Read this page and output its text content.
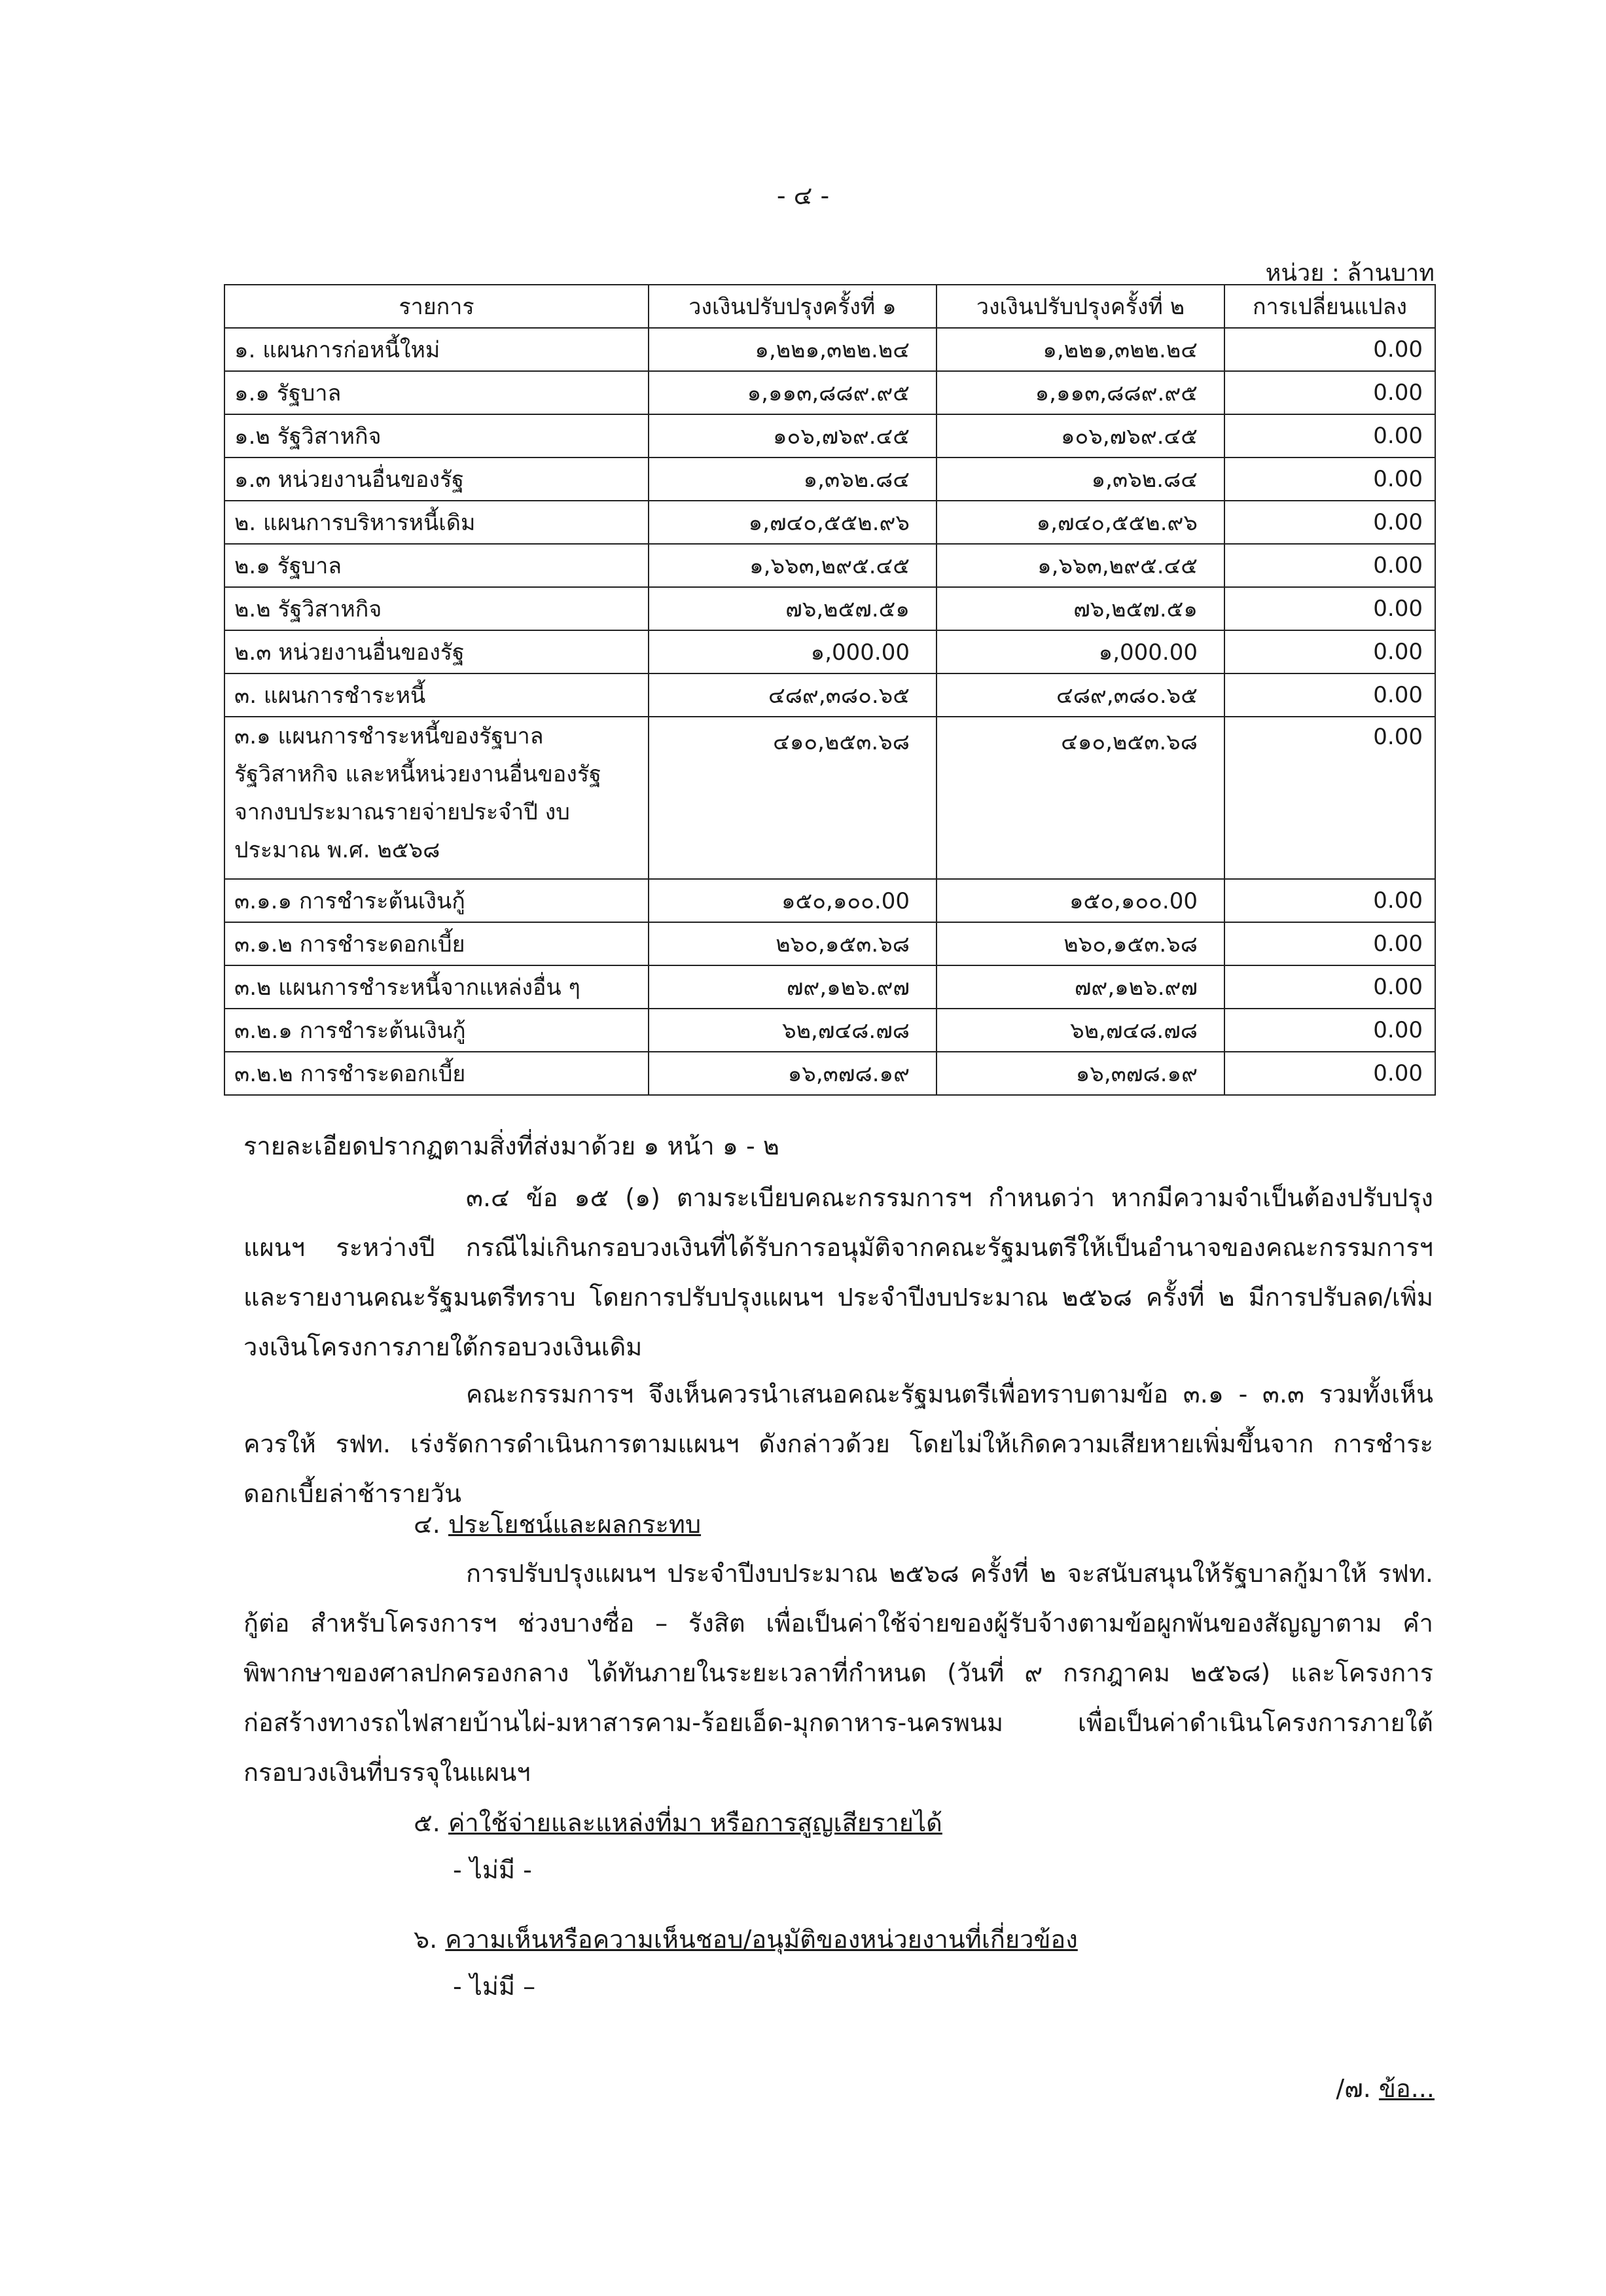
- ๔ -
หน่วย : ล้านบาท
รายการ	วงเงินปรับปรุงครั้งที่ ๑	วงเงินปรับปรุงครั้งที่ ๒	การเปลี่ยนแปลง
๑. แผนการก่อหนี้ใหม่	๑,๒๒๑,๓๒๒.๒๔	๑,๒๒๑,๓๒๒.๒๔	0.00
๑.๑ รัฐบาล	๑,๑๑๓,๘๘๙.๙๕	๑,๑๑๓,๘๘๙.๙๕	0.00
๑.๒ รัฐวิสาหกิจ	๑๐๖,๗๖๙.๔๕	๑๐๖,๗๖๙.๔๕	0.00
๑.๓ หน่วยงานอื่นของรัฐ	๑,๓๖๒.๘๔	๑,๓๖๒.๘๔	0.00
๒. แผนการบริหารหนี้เดิม	๑,๗๔๐,๕๕๒.๙๖	๑,๗๔๐,๕๕๒.๙๖	0.00
๒.๑ รัฐบาล	๑,๖๖๓,๒๙๕.๔๕	๑,๖๖๓,๒๙๕.๔๕	0.00
๒.๒ รัฐวิสาหกิจ	๗๖,๒๕๗.๕๑	๗๖,๒๕๗.๕๑	0.00
๒.๓ หน่วยงานอื่นของรัฐ	๑,000.00	๑,000.00	0.00
๓. แผนการชำระหนี้	๔๘๙,๓๘๐.๖๕	๔๘๙,๓๘๐.๖๕	0.00
๓.๑ แผนการชำระหนี้ของรัฐบาล รัฐวิสาหกิจ และหนี้หน่วยงานอื่นของรัฐ จากงบประมาณรายจ่ายประจำปี งบประมาณ พ.ศ. ๒๕๖๘	๔๑๐,๒๕๓.๖๘	๔๑๐,๒๕๓.๖๘	0.00
๓.๑.๑ การชำระต้นเงินกู้	๑๕๐,๑๐๐.00	๑๕๐,๑๐๐.00	0.00
๓.๑.๒ การชำระดอกเบี้ย	๒๖๐,๑๕๓.๖๘	๒๖๐,๑๕๓.๖๘	0.00
๓.๒ แผนการชำระหนี้จากแหล่งอื่น ๆ	๗๙,๑๒๖.๙๗	๗๙,๑๒๖.๙๗	0.00
๓.๒.๑ การชำระต้นเงินกู้	๖๒,๗๔๘.๗๘	๖๒,๗๔๘.๗๘	0.00
๓.๒.๒ การชำระดอกเบี้ย	๑๖,๓๗๘.๑๙	๑๖,๓๗๘.๑๙	0.00
รายละเอียดปรากฏตามสิ่งที่ส่งมาด้วย ๑ หน้า ๑ - ๒
๓.๔ ข้อ ๑๕ (๑) ตามระเบียบคณะกรรมการฯ กำหนดว่า หากมีความจำเป็นต้องปรับปรุงแผนฯ ระหว่างปี กรณีไม่เกินกรอบวงเงินที่ได้รับการอนุมัติจากคณะรัฐมนตรีให้เป็นอำนาจของคณะกรรมการฯ และรายงานคณะรัฐมนตรีทราบ โดยการปรับปรุงแผนฯ ประจำปีงบประมาณ ๒๕๖๘ ครั้งที่ ๒ มีการปรับลด/เพิ่ม วงเงินโครงการภายใต้กรอบวงเงินเดิม
คณะกรรมการฯ จึงเห็นควรนำเสนอคณะรัฐมนตรีเพื่อทราบตามข้อ ๓.๑ - ๓.๓ รวมทั้งเห็นควรให้ รฟท. เร่งรัดการดำเนินการตามแผนฯ ดังกล่าวด้วย โดยไม่ให้เกิดความเสียหายเพิ่มขึ้นจาก การชำระดอกเบี้ยล่าช้ารายวัน
๔. ประโยชน์และผลกระทบ
การปรับปรุงแผนฯ ประจำปีงบประมาณ ๒๕๖๘ ครั้งที่ ๒ จะสนับสนุนให้รัฐบาลกู้มาให้ รฟท. กู้ต่อ สำหรับโครงการฯ ช่วงบางซื่อ – รังสิต เพื่อเป็นค่าใช้จ่ายของผู้รับจ้างตามข้อผูกพันของสัญญาตาม คำพิพากษาของศาลปกครองกลาง ได้ทันภายในระยะเวลาที่กำหนด (วันที่ ๙ กรกฎาคม ๒๕๖๘) และโครงการ ก่อสร้างทางรถไฟสายบ้านไผ่-มหาสารคาม-ร้อยเอ็ด-มุกดาหาร-นครพนม เพื่อเป็นค่าดำเนินโครงการภายใต้ กรอบวงเงินที่บรรจุในแผนฯ
๕. ค่าใช้จ่ายและแหล่งที่มา หรือการสูญเสียรายได้
- ไม่มี -
๖. ความเห็นหรือความเห็นชอบ/อนุมัติของหน่วยงานที่เกี่ยวข้อง
- ไม่มี –
/๗. ข้อ...
